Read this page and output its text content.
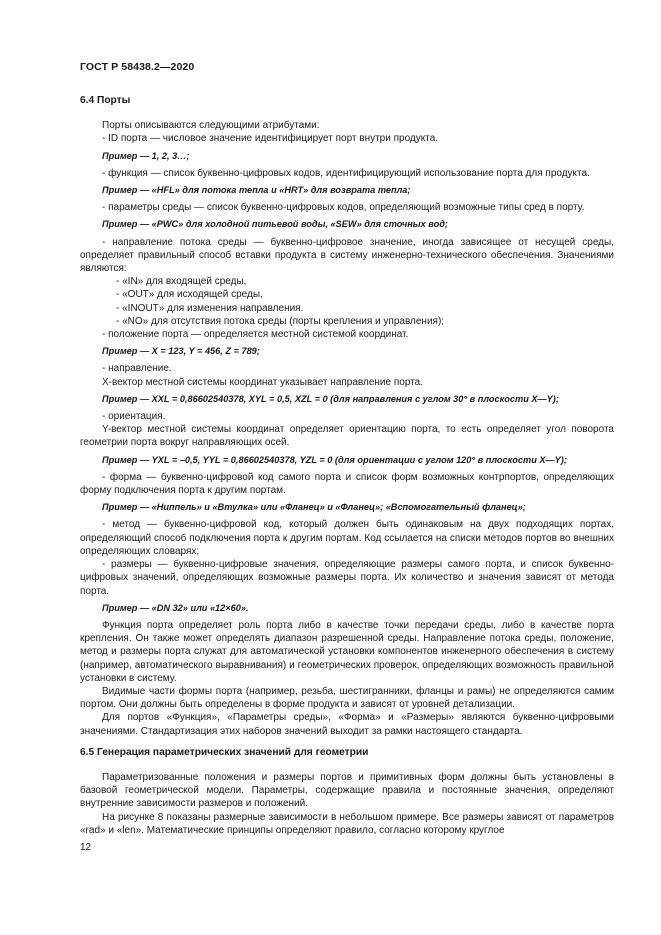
ГОСТ Р 58438.2—2020

6.4 Порты

Порты описываются следующими атрибутами:

- ID порта — числовое значение идентифицирует порт внутри продукта.

Пример — 1, 2, 3…;

- функция — список буквенно-цифровых кодов, идентифицирующий использование порта для продукта.

Пример — «HFL» для потока тепла и «HRT» для возврата тепла;

- параметры среды — список буквенно-цифровых кодов, определяющий возможные типы сред в порту.

Пример — «PWC» для холодной питьевой воды, «SEW» для сточных вод;

- направление потока среды — буквенно-цифровое значение, иногда зависящее от несущей среды, определяет правильный способ вставки продукта в систему инженерно-технического обеспечения. Значениями являются:

- «IN» для входящей среды,

- «OUT» для исходящей среды,

- «INOUT» для изменения направления.

- «NO» для отсутствия потока среды (порты крепления и управления);

- положение порта — определяется местной системой координат.

Пример — X = 123, Y = 456, Z = 789;

- направление.

X-вектор местной системы координат указывает направление порта.

Пример — XXL = 0,86602540378, XYL = 0,5, XZL = 0 (для направления с углом 30° в плоскости X—Y);

- ориентация.

Y-вектор местной системы координат определяет ориентацию порта, то есть определяет угол поворота геометрии порта вокруг направляющих осей.

Пример — YXL = –0,5, YYL = 0,86602540378, YZL = 0 (для ориентации с углом 120° в плоскости X—Y);

- форма — буквенно-цифровой код самого порта и список форм возможных контрпортов, определяющих форму подключения порта к другим портам.

Пример — «Ниппель» и «Втулка» или «Фланец» и «Фланец»; «Вспомогательный фланец»;

- метод — буквенно-цифровой код, который должен быть одинаковым на двух подходящих портах, определяющий способ подключения порта к другим портам. Код ссылается на списки методов портов во внешних определяющих словарях;

- размеры — буквенно-цифровые значения, определяющие размеры самого порта, и список буквенно-цифровых значений, определяющих возможные размеры порта. Их количество и значения зависят от метода порта.

Пример — «DN 32» или «12×60».

Функция порта определяет роль порта либо в качестве точки передачи среды, либо в качестве порта крепления. Он также может определять диапазон разрешенной среды. Направление потока среды, положение, метод и размеры порта служат для автоматической установки компонентов инженерного обеспечения в систему (например, автоматического выравнивания) и геометрических проверок, определяющих возможность правильной установки в систему.

Видимые части формы порта (например, резьба, шестигранники, фланцы и рамы) не определяются самим портом. Они должны быть определены в форме продукта и зависят от уровней детализации.

Для портов «Функция», «Параметры среды», «Форма» и «Размеры» являются буквенно-цифровыми значениями. Стандартизация этих наборов значений выходит за рамки настоящего стандарта.

6.5 Генерация параметрических значений для геометрии

Параметризованные положения и размеры портов и примитивных форм должны быть установлены в базовой геометрической модели. Параметры, содержащие правила и постоянные значения, определяют внутренние зависимости размеров и положений.

На рисунке 8 показаны размерные зависимости в небольшом примере. Все размеры зависят от параметров «rad» и «len». Математические принципы определяют правило, согласно которому круглое

12
